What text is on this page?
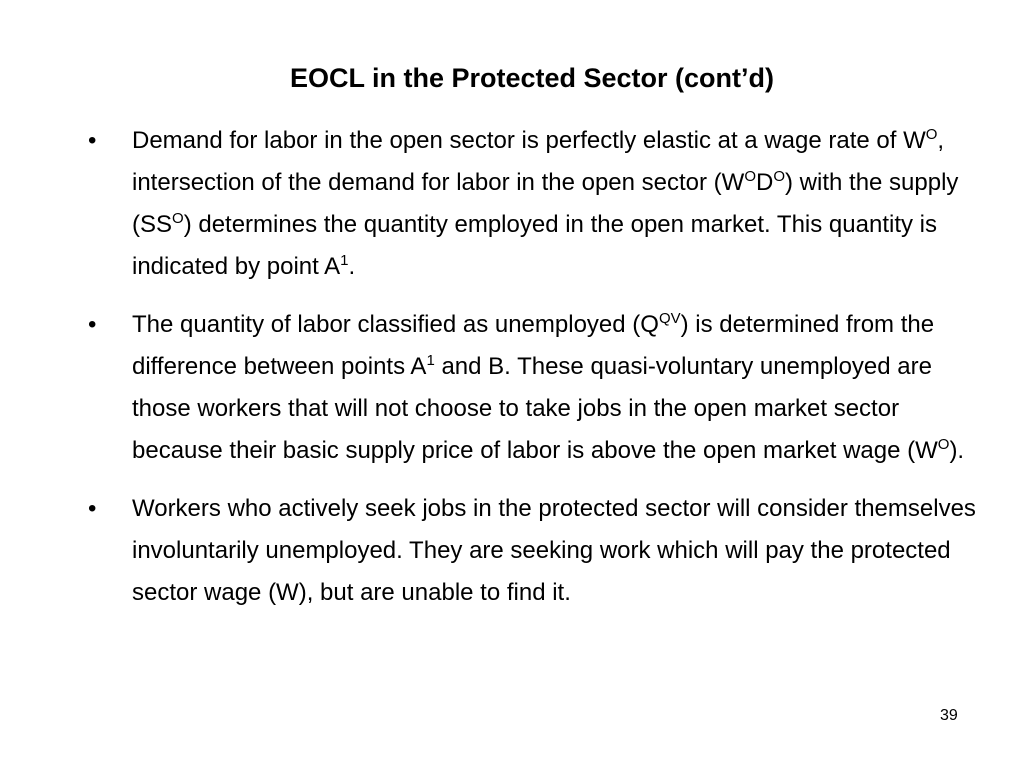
EOCL in the Protected Sector (cont’d)
• Demand for labor in the open sector is perfectly elastic at a wage rate of $W^O$, intersection of the demand for labor in the open sector $(W^OD^O)$ with the supply $(SS^O)$ determines the quantity employed in the open market. This quantity is indicated by point $A^1$.
• The quantity of labor classified as unemployed $(Q^{QV})$ is determined from the difference between points $A^1$ and B. These quasi-voluntary unemployed are those workers that will not choose to take jobs in the open market sector because their basic supply price of labor is above the open market wage $(W^O)$.
• Workers who actively seek jobs in the protected sector will consider themselves involuntarily unemployed. They are seeking work which will pay the protected sector wage (W), but are unable to find it.
39
